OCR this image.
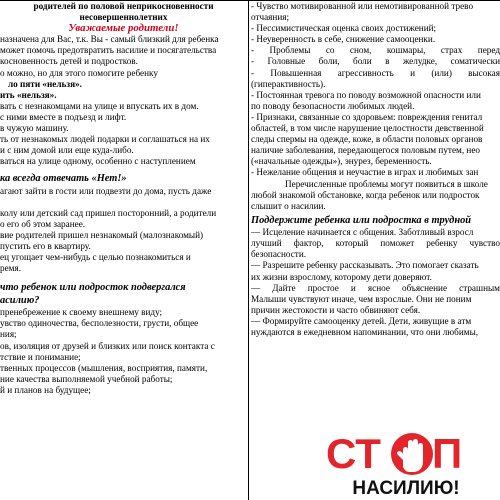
родителей по половой неприкосновенности
несовершеннолетних
Уважаемые родители!
назначена для Вас, т.к. Вы - самый близкий для ребенка
может помочь предотвратить насилие и посягательства
косновенность детей и подростков.
о можно, но для этого помогите ребенку
ло пяти «нельзя».
ить «нельзя».
вать с незнакомцами на улице и впускать их в дом.
с ними вместе в подъезд и лифт.
в чужую машину.
ть от незнакомых людей подарки и соглашаться на их
и с ним домой или еще куда-либо.
ваться на улице одному, особенно с наступлением
ка всегда отвечать «Нет!»
агают зайти в гости или подвезти до дома, пусть даже
колу или детский сад пришел посторонний, а родители
о его об этом заранее.
вие родителей пришел незнакомый (малознакомый)
пустить его в квартиру.
ец угощает чем-нибудь с целью познакомиться и
ремя.
что ребенок или подросток подвергался
асилию?
пренебрежение к своему внешнему виду;
увство одиночества, бесполезности, грусти, общее
ния;
ов, изоляция от друзей и близких или поиск контакта с
тствие и понимание;
твенных процессов (мышления, восприятия, памяти,
ние качества выполняемой учебной работы;
й и планов на будущее;
- Чувство мотивированной или немотивированной трево
отчаяния;
- Пессимистическая оценка своих достижений;
- Неуверенность в себе, снижение самооценки.
- Проблемы со сном, кошмары, страх перед
- Головные боли, боли в желудке, соматически
- Повышенная агрессивность и (или) высокая
(гиперактивность).
- Постоянная тревога по поводу возможной опасности или
по поводу безопасности любимых людей.
- Признаки, связанные со здоровьем: повреждения генитал
областей, в том числе нарушение целостности девственной
следы спермы на одежде, коже, в области половых органов
наличие заболевания, передающегося половым путем, нео
(«начальные одежды»), энурез, беременность.
- Нежелание общения и неучастие в играх и любимых зан
Перечисленные проблемы могут появиться в школе
любой знакомой обстановке, когда ребенок или подросток
слышит о насилии.
Поддержите ребенка или подростка в трудной
— Исцеление начинается с общения. Заботливый взросл
лучший фактор, который поможет ребенку чувство
безопасности.
— Разрешите ребенку рассказывать. Это помогает сказать
их жизни взрослому, которому дети доверяют.
— Дайте простое и ясное объяснение страшным
Малыши чувствуют иначе, чем взрослые. Они не поним
причин жестокости и часто обвиняют себя.
— Формируйте самооценку детей. Дети, живущие в атм
нуждаются в ежедневном напоминании, что они любимы,
СТ П
НАСИЛИЮ!
